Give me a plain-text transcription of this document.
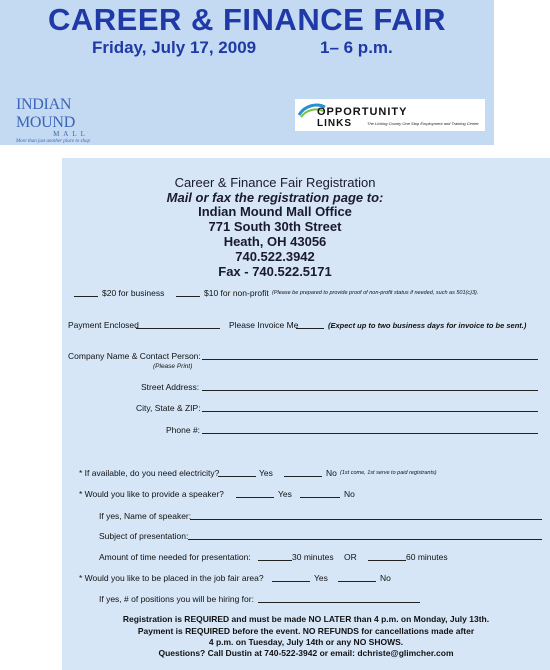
CAREER & FINANCE FAIR
Friday, July 17, 2009	1– 6 p.m.
INDIAN MOUND
MALL
More than just another place to shop
OPPORTUNITY
LINKS	The Licking County One Stop Employment and Training Center
Career & Finance Fair Registration
Mail or fax the registration page to:
Indian Mound Mall Office
771 South 30th Street
Heath, OH 43056
740.522.3942
Fax - 740.522.5171
$20 for business	$10 for non-profit (Please be prepared to provide proof of non-profit status if needed, such as 501(c)3).
Payment Enclosed	Please Invoice Me	(Expect up to two business days for invoice to be sent.)
Company Name & Contact Person:
(Please Print)
Street Address:
City, State & ZIP:
Phone #:
* If available, do you need electricity?	Yes	No (1st come, 1st serve to paid registrants)
* Would you like to provide a speaker?	Yes	No
If yes, Name of speaker:
Subject of presentation:
Amount of time needed for presentation:	30 minutes OR	60 minutes
* Would you like to be placed in the job fair area?	Yes	No
If yes, # of positions you will be hiring for:
Registration is REQUIRED and must be made NO LATER than 4 p.m. on Monday, July 13th.
Payment is REQUIRED before the event. NO REFUNDS for cancellations made after
4 p.m. on Tuesday, July 14th or any NO SHOWS.
Questions? Call Dustin at 740-522-3942 or email: dchriste@glimcher.com
